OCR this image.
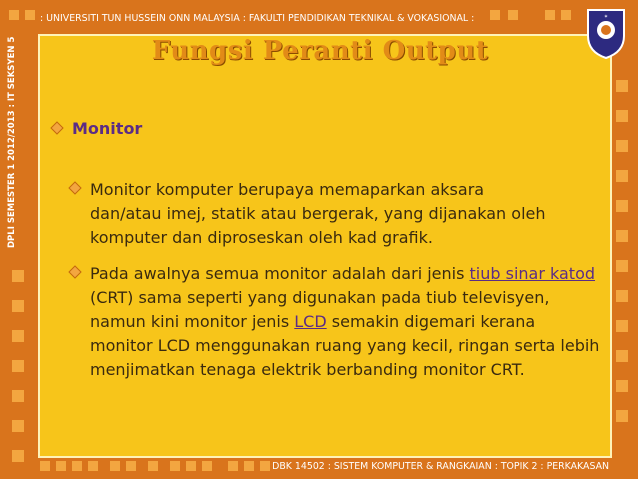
: UNIVERSITI TUN HUSSEIN ONN MALAYSIA : FAKULTI PENDIDIKAN TEKNIKAL & VOKASIONAL :
DPLI SEMESTER 1 2012/2013 : IT SEKSYEN 5
✶
Fungsi Peranti Output
Monitor
Monitor komputer berupaya memaparkan aksara dan/atau imej, statik atau bergerak, yang dijanakan oleh komputer dan diproseskan oleh kad grafik.
Pada awalnya semua monitor adalah dari jenis tiub sinar katod (CRT) sama seperti yang digunakan pada tiub televisyen, namun kini monitor jenis LCD semakin digemari kerana monitor LCD menggunakan ruang yang kecil, ringan serta lebih menjimatkan tenaga elektrik berbanding monitor CRT.
DBK 14502 : SISTEM KOMPUTER & RANGKAIAN : TOPIK 2 : PERKAKASAN
